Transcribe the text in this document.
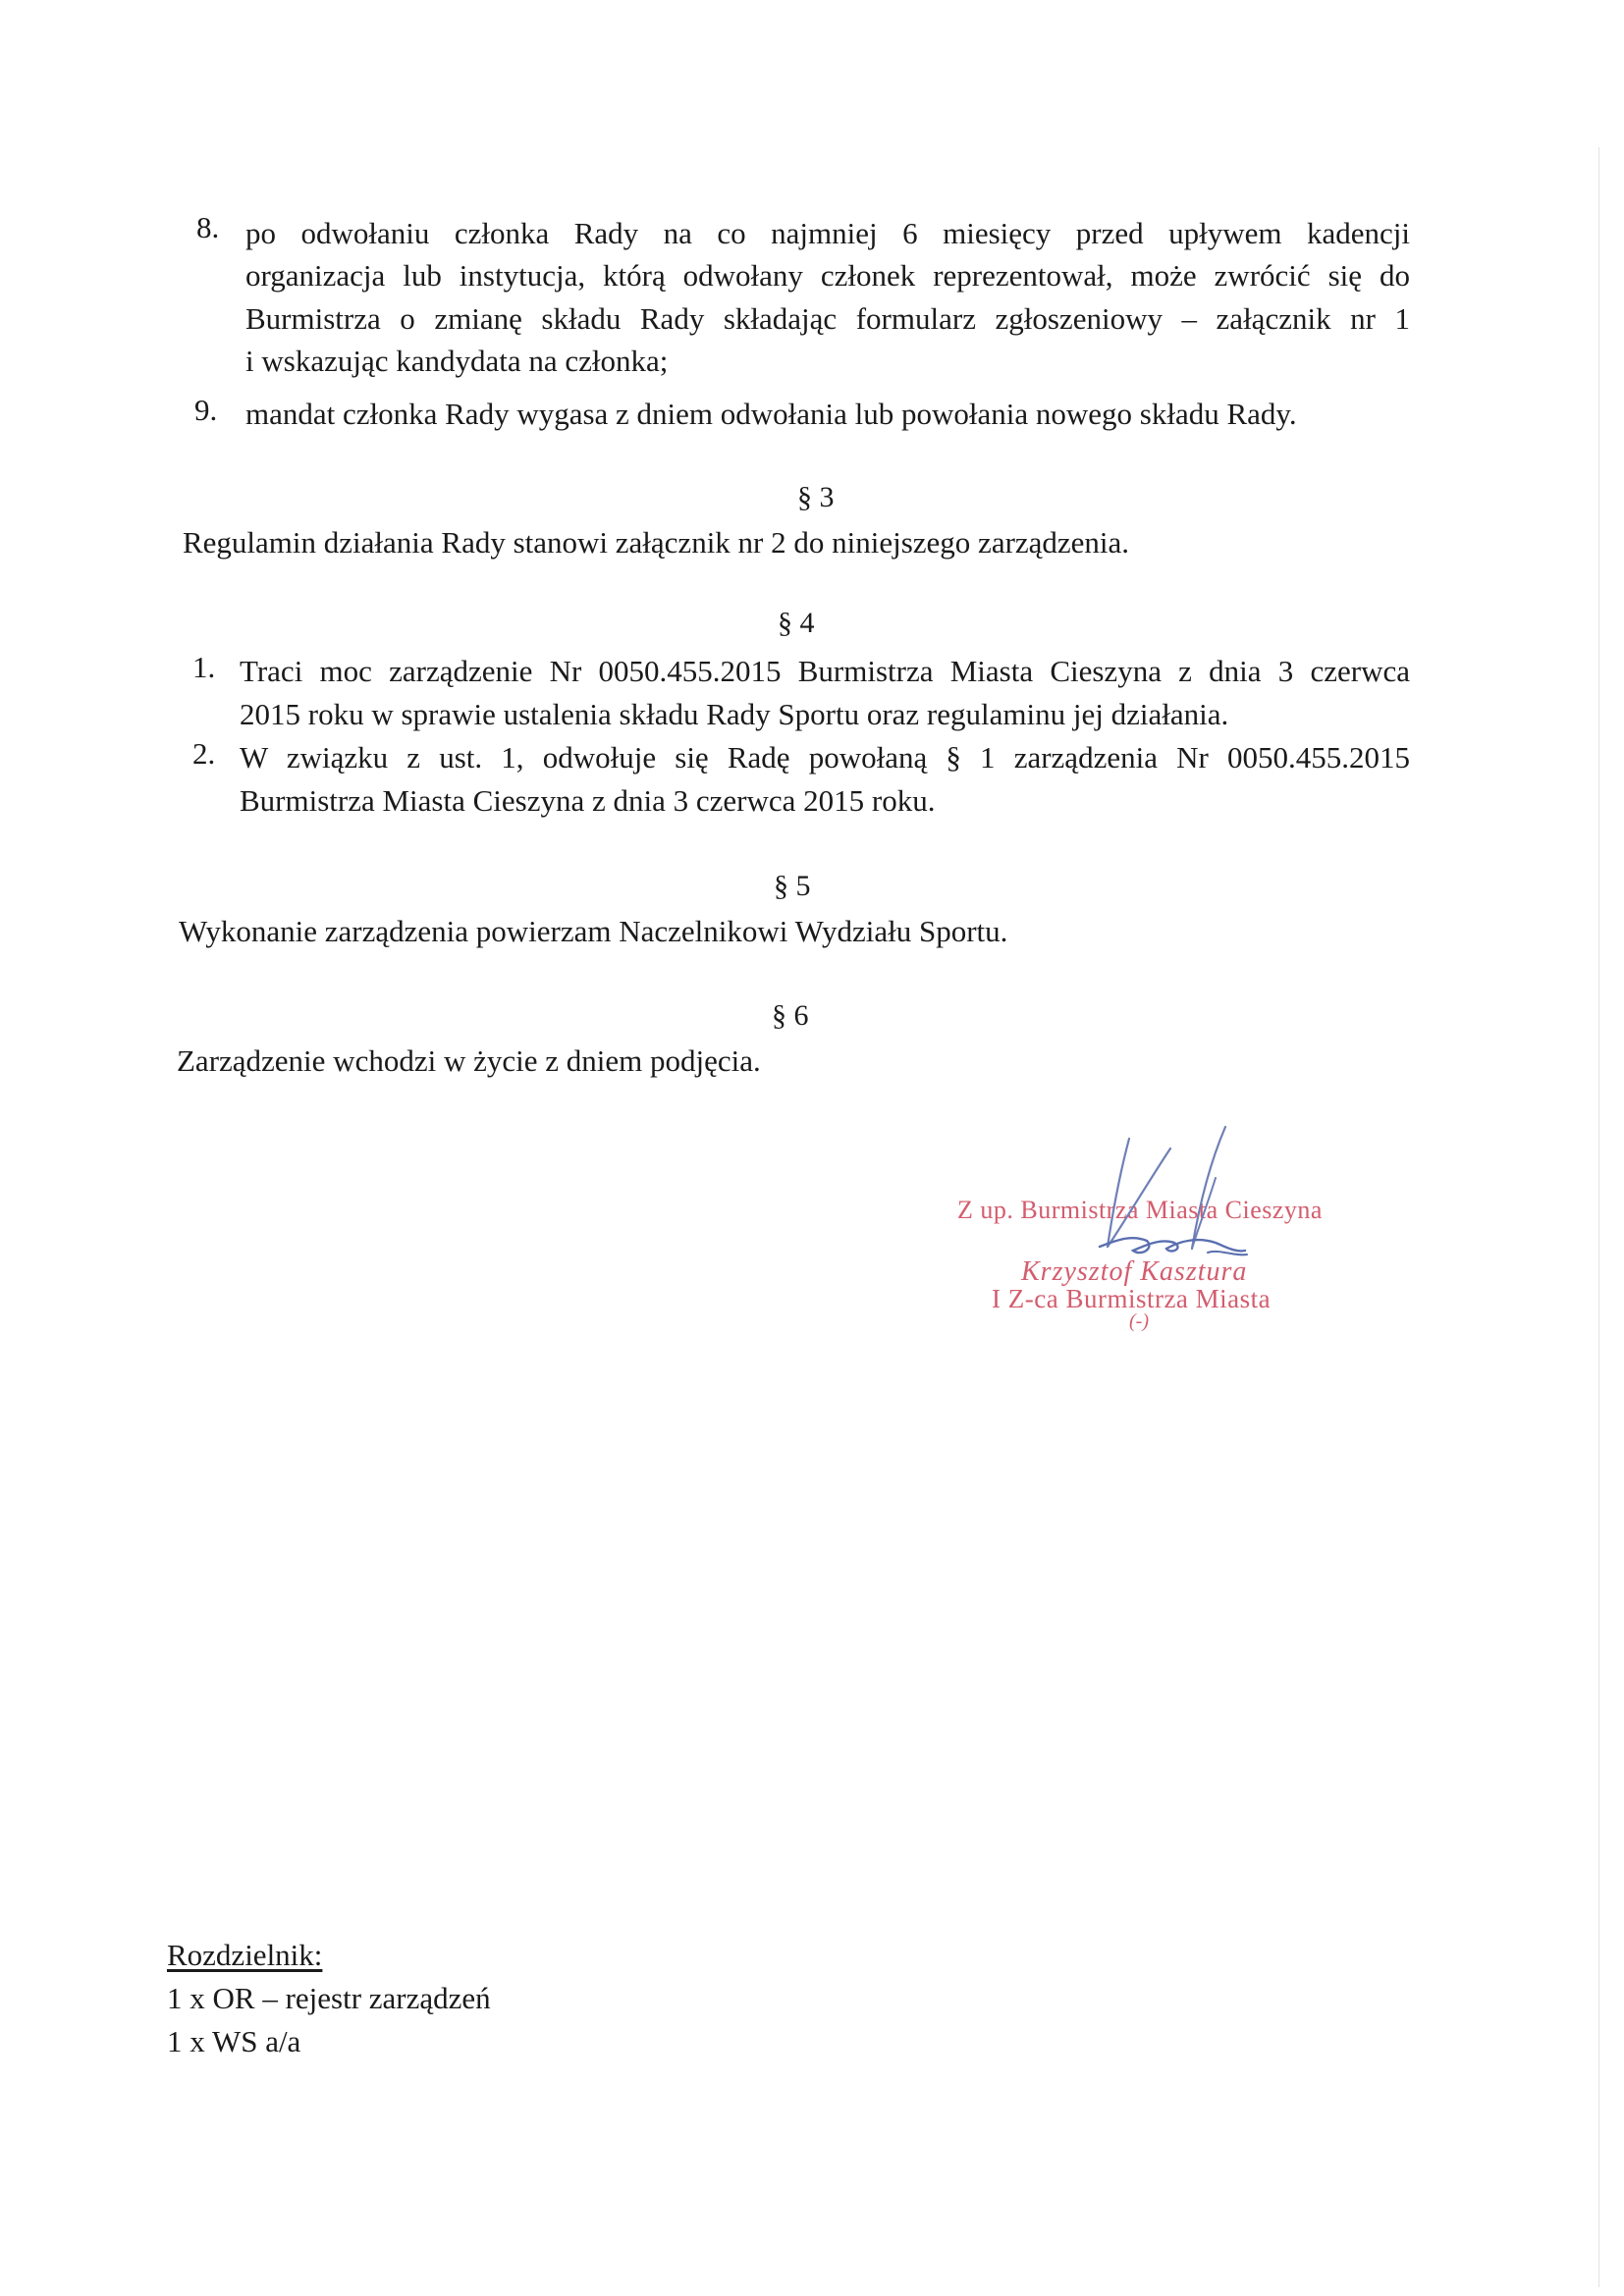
8. po odwołaniu członka Rady na co najmniej 6 miesięcy przed upływem kadencji
organizacja lub instytucja, którą odwołany członek reprezentował, może zwrócić się do
Burmistrza o zmianę składu Rady składając formularz zgłoszeniowy – załącznik nr 1
i wskazując kandydata na członka;
9. mandat członka Rady wygasa z dniem odwołania lub powołania nowego składu Rady.
§ 3
Regulamin działania Rady stanowi załącznik nr 2 do niniejszego zarządzenia.
§ 4
1. Traci moc zarządzenie Nr 0050.455.2015 Burmistrza Miasta Cieszyna z dnia 3 czerwca
2015 roku w sprawie ustalenia składu Rady Sportu oraz regulaminu jej działania.
2. W związku z ust. 1, odwołuje się Radę powołaną § 1 zarządzenia Nr 0050.455.2015
Burmistrza Miasta Cieszyna z dnia 3 czerwca 2015 roku.
§ 5
Wykonanie zarządzenia powierzam Naczelnikowi Wydziału Sportu.
§ 6
Zarządzenie wchodzi w życie z dniem podjęcia.
Z up. Burmistrza Miasta Cieszyna
Krzysztof Kasztura
I Z-ca Burmistrza Miasta
(-)
Rozdzielnik:
1 x OR – rejestr zarządzeń
1 x WS a/a
